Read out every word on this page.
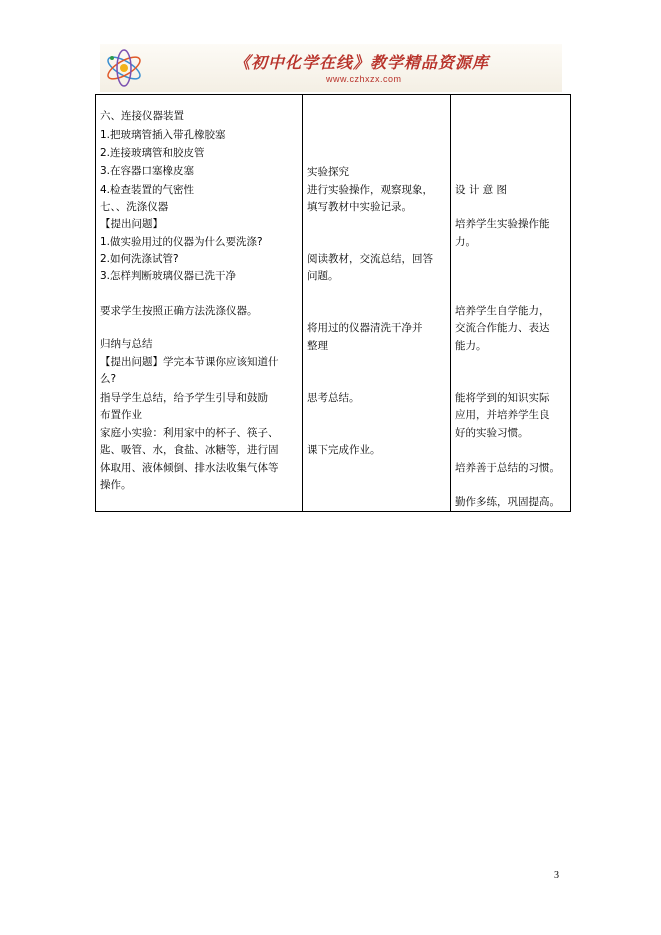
《初中化学在线》教学精品资源库
www.czhxzx.com
六、连接仪器装置
1.把玻璃管插入带孔橡胶塞
2.连接玻璃管和胶皮管
3.在容器口塞橡皮塞
4.检查装置的气密性
七、、洗涤仪器
【提出问题】
1.做实验用过的仪器为什么要洗涤?
2.如何洗涤试管?
3.怎样判断玻璃仪器已洗干净
要求学生按照正确方法洗涤仪器。
归纳与总结
【提出问题】学完本节课你应该知道什
么?
指导学生总结，给予学生引导和鼓励
布置作业
家庭小实验：利用家中的杯子、筷子、
匙、吸管、水，食盐、冰糖等，进行固
体取用、液体倾倒、排水法收集气体等
操作。

实验探究
进行实验操作，观察现象，
填写教材中实验记录。
阅读教材，交流总结，回答
问题。
将用过的仪器清洗干净并
整理
思考总结。
课下完成作业。

设 计 意 图
培养学生实验操作能
力。
培养学生自学能力，
交流合作能力、表达
能力。
能将学到的知识实际
应用，并培养学生良
好的实验习惯。
培养善于总结的习惯。
勤作多练，巩固提高。
3
